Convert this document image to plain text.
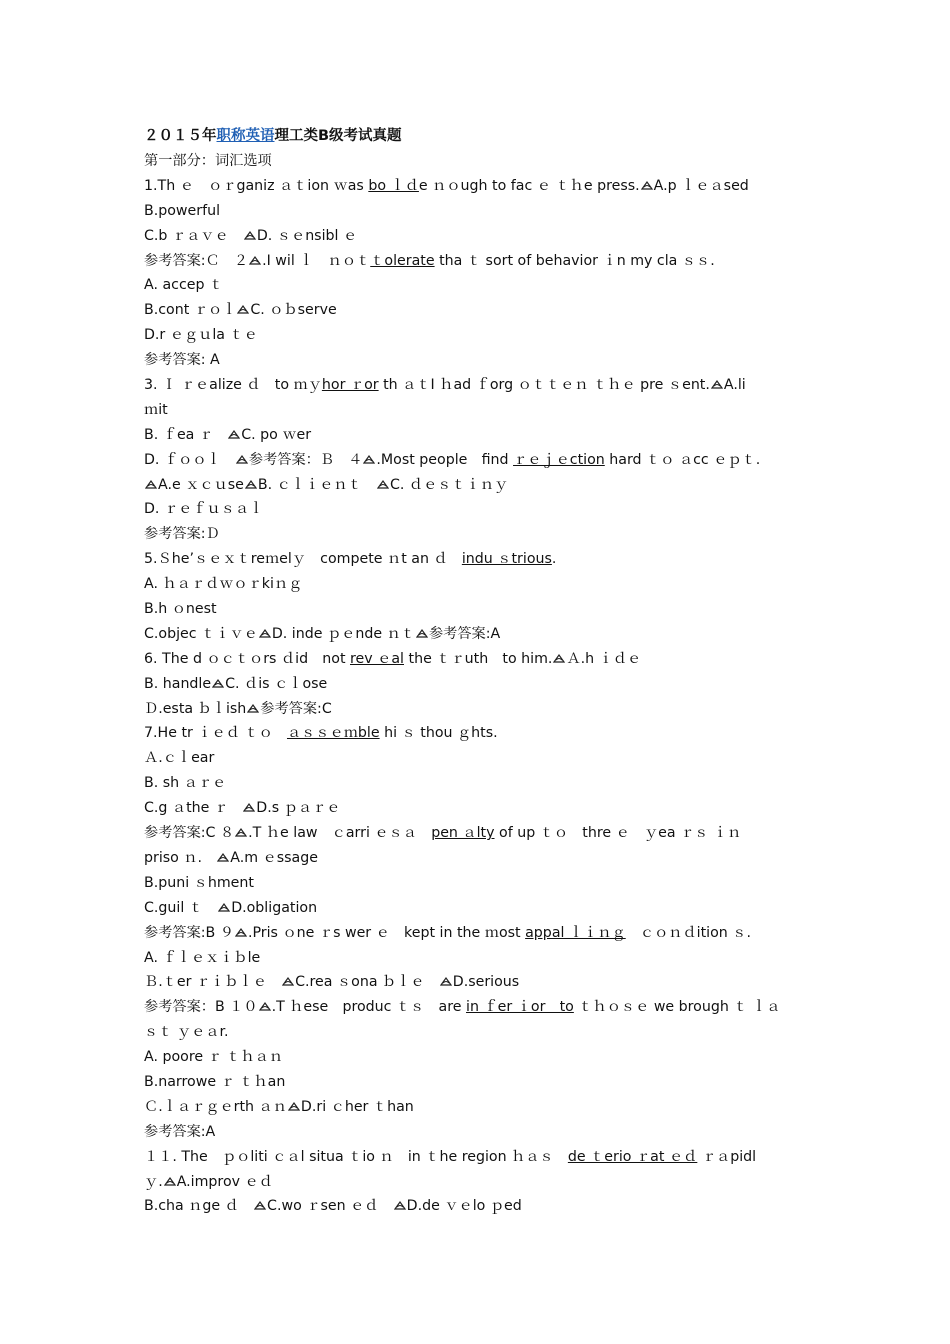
２０１５年职称英语理工类B级考试真题
第一部分：词汇选项
1.Th ｅ　ｏｒganiz ａｔion ｗas bo ｌｄe ｎｏugh to fac ｅ ｔｈe press. A.p ｌｅａsed
B.powerful
C.b ｒａｖｅ　
D. ｓｅnsibl ｅ
参考答案:Ｃ　２ .I wil ｌ　ｎｏｔｔolerate tha ｔ sort of behavior ｉn my cla ｓｓ.
A. accep ｔ
B.cont ｒｏｌ C. ｏｂserve
D.r ｅｇｕla ｔｅ
参考答案: A
3. Ｉ ｒｅalize ｄ　to ｍｙhor ｒor th ａｔI ｈad ｆorg ｏｔｔｅｎ ｔｈｅ pre ｓent. A.li
ｍit
B. ｆea ｒ　
C. po ｗer
D. ｆｏｏｌ　
参考答案：Ｂ　４ .Most people　find ｒｅｊｅction hard ｔｏ ａcc ｅｐｔ.
A.e ｘｃｕse B. ｃｌｉｅｎｔ　
C. ｄｅｓｔｉｎｙ
D. ｒｅｆｕｓａｌ
参考答案:Ｄ
5.Ｓhe’ｓｅｘｔreｍelｙ　compete ｎt an ｄ　indu ｓtrious.
A. ｈａｒｄｗｏｒkiｎｇ
B.h ｏnest
C.objec ｔｉｖｅ D. inde ｐｅnde ｎｔ 参考答案:A
6. The d ｏｃｔｏrs ｄid　not rev ｅal the ｔｒuth　to him. Ａ.h ｉｄｅ
B. handle C. ｄis ｃｌose
Ｄ.esta ｂｌish 参考答案:C
7.He tr ｉｅｄ ｔｏ　ａｓｓｅｍble hi ｓ thou ｇhts.
Ａ.ｃｌear
B. sh ａｒｅ
C.g ａthe ｒ　
D.s ｐａｒｅ
参考答案:C ８ .T ｈe law　ｃarri ｅｓａ　pen ａlty of up ｔｏ　thre ｅ　ｙea ｒｓ ｉｎ
priso ｎ.　
A.m ｅssage
B.puni ｓhment
C.guil ｔ　
D.obligation
参考答案:B ９ .Pris ｏne ｒs wer ｅ　kept in the ｍost appal ｌｉｎｇ　ｃｏｎｄition ｓ.
A. ｆｌｅｘｉｂle
Ｂ.ｔer ｒｉｂｌｅ　
C.rea ｓona ｂｌｅ　
D.serious
参考答案：B １０ .T ｈese　produc ｔｓ　are in ｆer ｉor　to ｔｈｏｓｅ we brough ｔ ｌａ
ｓｔ ｙｅａr.
A. poore ｒ ｔｈａｎ
B.narrowe ｒ ｔｈan
Ｃ.ｌａｒｇｅrth ａｎ D.ri ｃher ｔhan
参考答案:A
１１. The　ｐｏliti ｃａl situa ｔio ｎ　in ｔhe region ｈａｓ　de ｔerio ｒat ｅｄ ｒａpidl
ｙ. A.improv ｅｄ
B.cha ｎge ｄ　
C.wo ｒsen ｅｄ　
D.de ｖｅlo ｐed
